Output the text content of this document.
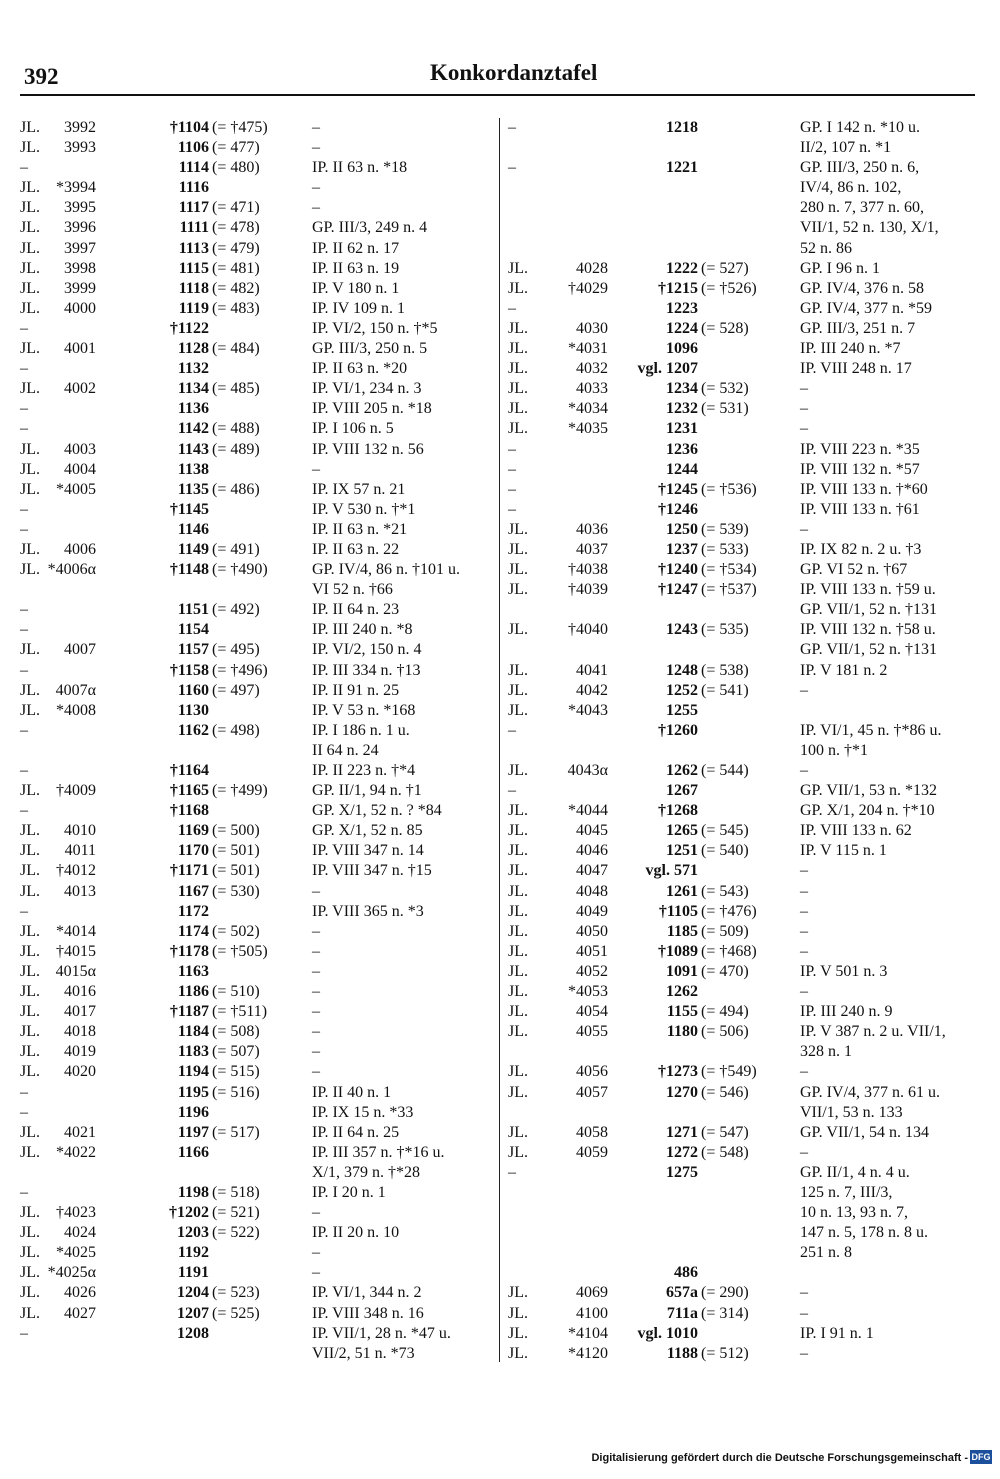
392	Konkordanztafel
JL. 3992	†1104 (= †475)	–
JL. 3993	1106 (= 477)	–
–	1114 (= 480)	IP. II 63 n. *18
JL. *3994	1116	–
JL. 3995	1117 (= 471)	–
JL. 3996	1111 (= 478)	GP. III/3, 249 n. 4
JL. 3997	1113 (= 479)	IP. II 62 n. 17
JL. 3998	1115 (= 481)	IP. II 63 n. 19
JL. 3999	1118 (= 482)	IP. V 180 n. 1
JL. 4000	1119 (= 483)	IP. IV 109 n. 1
–	†1122	IP. VI/2, 150 n. †*5
JL. 4001	1128 (= 484)	GP. III/3, 250 n. 5
–	1132	IP. II 63 n. *20
JL. 4002	1134 (= 485)	IP. VI/1, 234 n. 3
–	1136	IP. VIII 205 n. *18
–	1142 (= 488)	IP. I 106 n. 5
JL. 4003	1143 (= 489)	IP. VIII 132 n. 56
JL. 4004	1138	–
JL. *4005	1135 (= 486)	IP. IX 57 n. 21
–	†1145	IP. V 530 n. †*1
–	1146	IP. II 63 n. *21
JL. 4006	1149 (= 491)	IP. II 63 n. 22
JL. *4006α	†1148 (= †490)	GP. IV/4, 86 n. †101 u.
VI 52 n. †66
–	1151 (= 492)	IP. II 64 n. 23
–	1154	IP. III 240 n. *8
JL. 4007	1157 (= 495)	IP. VI/2, 150 n. 4
–	†1158 (= †496)	IP. III 334 n. †13
JL. 4007α	1160 (= 497)	IP. II 91 n. 25
JL. *4008	1130	IP. V 53 n. *168
–	1162 (= 498)	IP. I 186 n. 1 u.
II 64 n. 24
–	†1164	IP. II 223 n. †*4
JL. †4009	†1165 (= †499)	GP. II/1, 94 n. †1
–	†1168	GP. X/1, 52 n. ? *84
JL. 4010	1169 (= 500)	GP. X/1, 52 n. 85
JL. 4011	1170 (= 501)	IP. VIII 347 n. 14
JL. †4012	†1171 (= 501)	IP. VIII 347 n. †15
JL. 4013	1167 (= 530)	–
–	1172	IP. VIII 365 n. *3
JL. *4014	1174 (= 502)	–
JL. †4015	†1178 (= †505)	–
JL. 4015α	1163	–
JL. 4016	1186 (= 510)	–
JL. 4017	†1187 (= †511)	–
JL. 4018	1184 (= 508)	–
JL. 4019	1183 (= 507)	–
JL. 4020	1194 (= 515)	–
–	1195 (= 516)	IP. II 40 n. 1
–	1196	IP. IX 15 n. *33
JL. 4021	1197 (= 517)	IP. II 64 n. 25
JL. *4022	1166	IP. III 357 n. †*16 u.
X/1, 379 n. †*28
–	1198 (= 518)	IP. I 20 n. 1
JL. †4023	†1202 (= 521)	–
JL. 4024	1203 (= 522)	IP. II 20 n. 10
JL. *4025	1192	–
JL. *4025α	1191	–
JL. 4026	1204 (= 523)	IP. VI/1, 344 n. 2
JL. 4027	1207 (= 525)	IP. VIII 348 n. 16
–	1208	IP. VII/1, 28 n. *47 u.
VII/2, 51 n. *73
–	1218	GP. I 142 n. *10 u.
II/2, 107 n. *1
–	1221	GP. III/3, 250 n. 6,
IV/4, 86 n. 102,
280 n. 7, 377 n. 60,
VII/1, 52 n. 130, X/1,
52 n. 86
JL.	4028	1222 (= 527)	GP. I 96 n. 1
JL.	†4029	†1215 (= †526)	GP. IV/4, 376 n. 58
–	1223	GP. IV/4, 377 n. *59
JL.	4030	1224 (= 528)	GP. III/3, 251 n. 7
JL.	*4031	1096	IP. III 240 n. *7
JL.	4032 vgl. 1207	IP. VIII 248 n. 17
JL.	4033	1234 (= 532)	–
JL.	*4034	1232 (= 531)	–
JL.	*4035	1231	–
–	1236	IP. VIII 223 n. *35
–	1244	IP. VIII 132 n. *57
–	†1245 (= †536)	IP. VIII 133 n. †*60
–	†1246	IP. VIII 133 n. †61
JL.	4036	1250 (= 539)	–
JL.	4037	1237 (= 533)	IP. IX 82 n. 2 u. †3
JL.	†4038	†1240 (= †534)	GP. VI 52 n. †67
JL.	†4039	†1247 (= †537)	IP. VIII 133 n. †59 u.
GP. VII/1, 52 n. †131
JL.	†4040	1243 (= 535)	IP. VIII 132 n. †58 u.
GP. VII/1, 52 n. †131
JL.	4041	1248 (= 538)	IP. V 181 n. 2
JL.	4042	1252 (= 541)	–
JL.	*4043	1255
–	†1260	IP. VI/1, 45 n. †*86 u.
100 n. †*1
JL. 4043α	1262 (= 544)	–
–	1267	GP. VII/1, 53 n. *132
JL.	*4044	†1268	GP. X/1, 204 n. †*10
JL.	4045	1265 (= 545)	IP. VIII 133 n. 62
JL.	4046	1251 (= 540)	IP. V 115 n. 1
JL.	4047 vgl. 571	–
JL.	4048	1261 (= 543)	–
JL.	4049	†1105 (= †476)	–
JL.	4050	1185 (= 509)	–
JL.	4051	†1089 (= †468)	–
JL.	4052	1091 (= 470)	IP. V 501 n. 3
JL.	*4053	1262	–
JL.	4054	1155 (= 494)	IP. III 240 n. 9
JL.	4055	1180 (= 506)	IP. V 387 n. 2 u. VII/1,
328 n. 1
JL.	4056	†1273 (= †549)	–
JL.	4057	1270 (= 546)	GP. IV/4, 377 n. 61 u.
VII/1, 53 n. 133
JL.	4058	1271 (= 547)	GP. VII/1, 54 n. 134
JL.	4059	1272 (= 548)	–
–	1275	GP. II/1, 4 n. 4 u.
125 n. 7, III/3,
10 n. 13, 93 n. 7,
147 n. 5, 178 n. 8 u.
251 n. 8
486
JL.	4069	657a (= 290)	–
JL.	4100	711a (= 314)	–
JL.	*4104 vgl. 1010	IP. I 91 n. 1
JL.	*4120	1188 (= 512)	–
Digitalisierung gefördert durch die Deutsche Forschungsgemeinschaft - DFG
